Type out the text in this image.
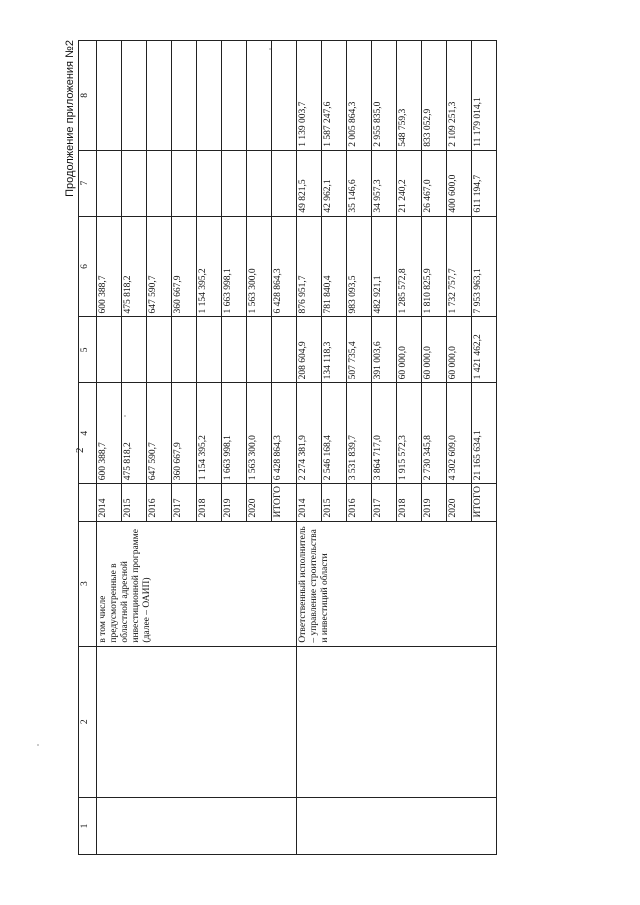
Продолжение приложения №2
2
1	2	3		4	5	6	7	8
		в том числе предусмотренные в областной адресной инвестиционной программе (далее – ОАИП)	2014	600 388,7		600 388,7		
			2015	475 818,2		475 818,2		
			2016	647 590,7		647 590,7		
			2017	360 667,9		360 667,9		
			2018	1 154 395,2		1 154 395,2		
			2019	1 663 998,1		1 663 998,1		
			2020	1 563 300,0		1 563 300,0		
			ИТОГО	6 428 864,3		6 428 864,3		
		Ответственный исполнитель – управление строительства и инвестиций области	2014	2 274 381,9	208 604,9	876 951,7	49 821,5	1 139 003,7
			2015	2 546 168,4	134 118,3	781 840,4	42 962,1	1 587 247,6
			2016	3 531 839,7	507 735,4	983 093,5	35 146,6	2 005 864,3
			2017	3 864 717,0	391 003,6	482 921,1	34 957,3	2 955 835,0
			2018	1 915 572,3	60 000,0	1 285 572,8	21 240,2	548 759,3
			2019	2 730 345,8	60 000,0	1 810 825,9	26 467,0	833 052,9
			2020	4 302 609,0	60 000,0	1 732 757,7	400 600,0	2 109 251,3
			ИТОГО	21 165 634,1	1 421 462,2	7 953 963,1	611 194,7	11 179 014,1
